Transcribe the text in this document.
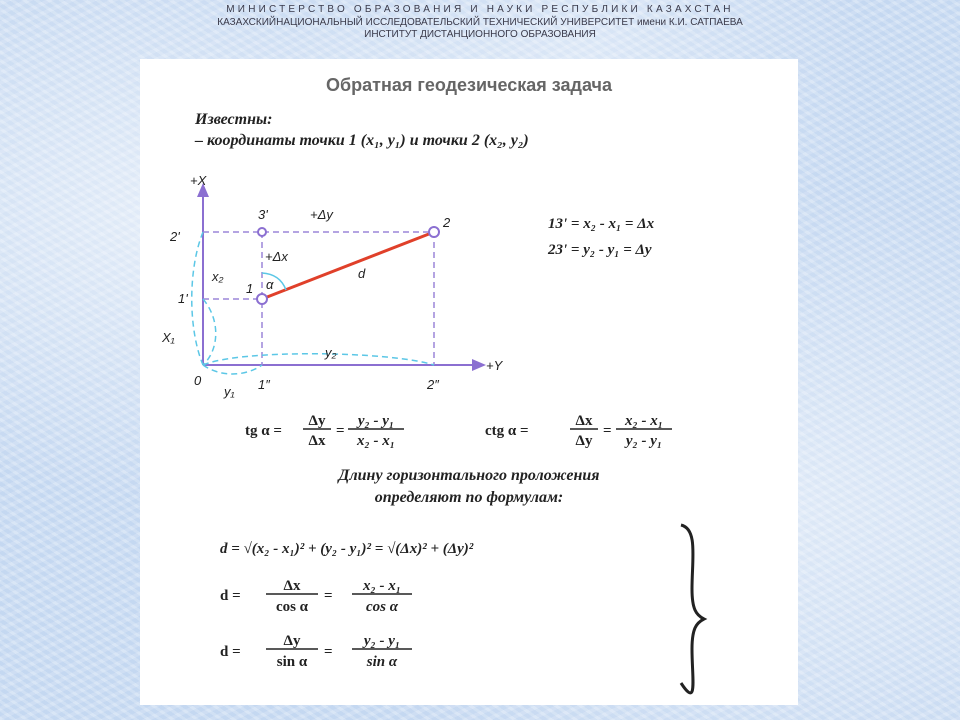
МИНИСТЕРСТВО ОБРАЗОВАНИЯ И НАУКИ РЕСПУБЛИКИ КАЗАХСТАН
КАЗАХСКИЙНАЦИОНАЛЬНЫЙ ИССЛЕДОВАТЕЛЬСКИЙ ТЕХНИЧЕСКИЙ УНИВЕРСИТЕТ имени К.И. САТПАЕВА
ИНСТИТУТ ДИСТАНЦИОННОГО ОБРАЗОВАНИЯ
Обратная геодезическая задача
Известны:
– координаты точки 1 (x₁, y₁) и точки 2 (x₂, y₂)
+X
+Y
0
1
2
3'
2'
1'
1″	2″
+Δy
+Δx
α
d
x₂
X₁
y₂
y₁
13' = x₂ - x₁ = Δx
23' = y₂ - y₁ = Δy
tg α =
Δy
Δx
=
y₂ - y₁
x₂ - x₁
ctg α =
Δx
Δy
=
x₂ - x₁
y₂ - y₁
Длину горизонтального проложения
определяют по формулам:
d = √(x₂ - x₁)² + (y₂ - y₁)² = √(Δx)² + (Δy)²
d =
Δx
cos α
=
x₂ - x₁
cos α
d =
Δy
sin α
=
y₂ - y₁
sin α
